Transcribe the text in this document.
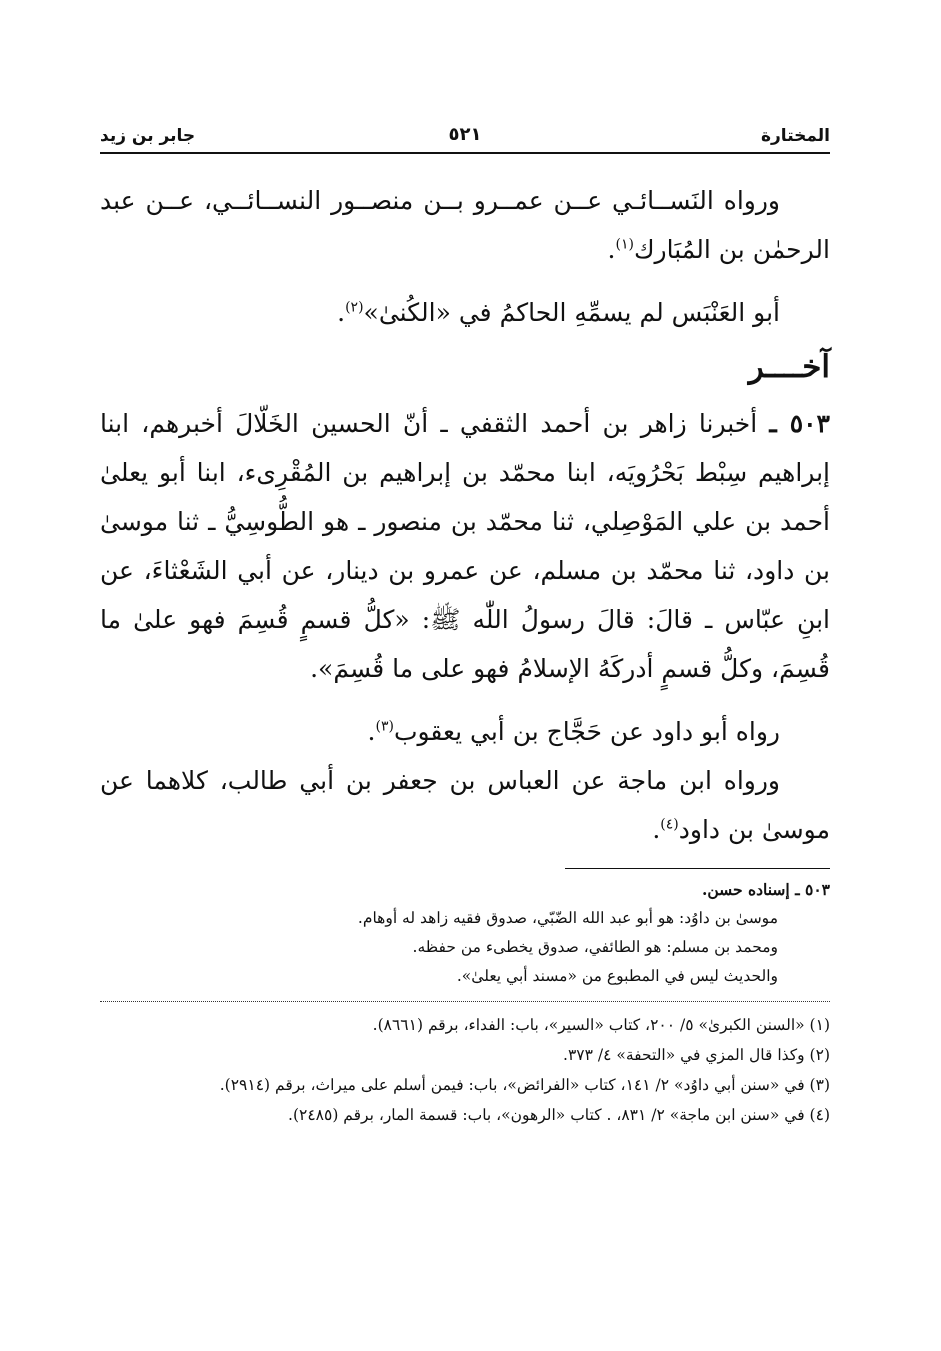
المختارة
٥٢١
جابر بن زيد

ورواه النَســائـي عــن عمــرو بــن منصــور النســائــي، عــن عبد الرحمٰن بن المُبَارك$^{(١)}$.

أبو العَنْبَس لم يسمِّهِ الحاكمُ في «الكُنىٰ»$^{(٢)}$.

آخــــر

٥٠٣ ـ أخبرنا زاهر بن أحمد الثقفي ـ أنّ الحسين الخَلّالَ أخبرهم، ابنا إبراهيم سِبْط بَحْرُويَه، ابنا محمّد بن إبراهيم بن المُقْرِىء، ابنا أبو يعلىٰ أحمد بن علي المَوْصِلي، ثنا محمّد بن منصور ـ هو الطُّوسِيُّ ـ ثنا موسىٰ بن داود، ثنا محمّد بن مسلم، عن عمرو بن دينار، عن أبي الشَعْثاءَ، عن ابنِ عبّاس ـ قالَ: قالَ رسولُ اللّٰه ﷺ: «كلُّ قسمٍ قُسِمَ فهو علىٰ ما قُسِمَ، وكلُّ قسمٍ أدركَهُ الإسلامُ فهو على ما قُسِمَ».

رواه أبو داود عن حَجَّاج بن أبي يعقوب$^{(٣)}$.

ورواه ابن ماجة عن العباس بن جعفر بن أبي طالب، كلاهما عن موسىٰ بن داود$^{(٤)}$.

٥٠٣ ـ إسناده حسن.

موسىٰ بن داوُد: هو أبو عبد الله الضّبّي، صدوق فقيه زاهد له أوهام.

ومحمد بن مسلم: هو الطائفي، صدوق يخطىء من حفظه.

والحديث ليس في المطبوع من «مسند أبي يعلىٰ».

(١) «السنن الكبرىٰ» ٥/ ٢٠٠، كتاب «السير»، باب: الفداء، برقم (٨٦٦١).

(٢) وكذا قال المزي في «التحفة» ٤/ ٣٧٣.

(٣) في «سنن أبي داوُد» ٢/ ١٤١، كتاب «الفرائض»، باب: فيمن أسلم على ميراث، برقم (٢٩١٤).

(٤) في «سنن ابن ماجة» ٢/ ٨٣١، . كتاب «الرهون»، باب: قسمة المار، برقم (٢٤٨٥).
